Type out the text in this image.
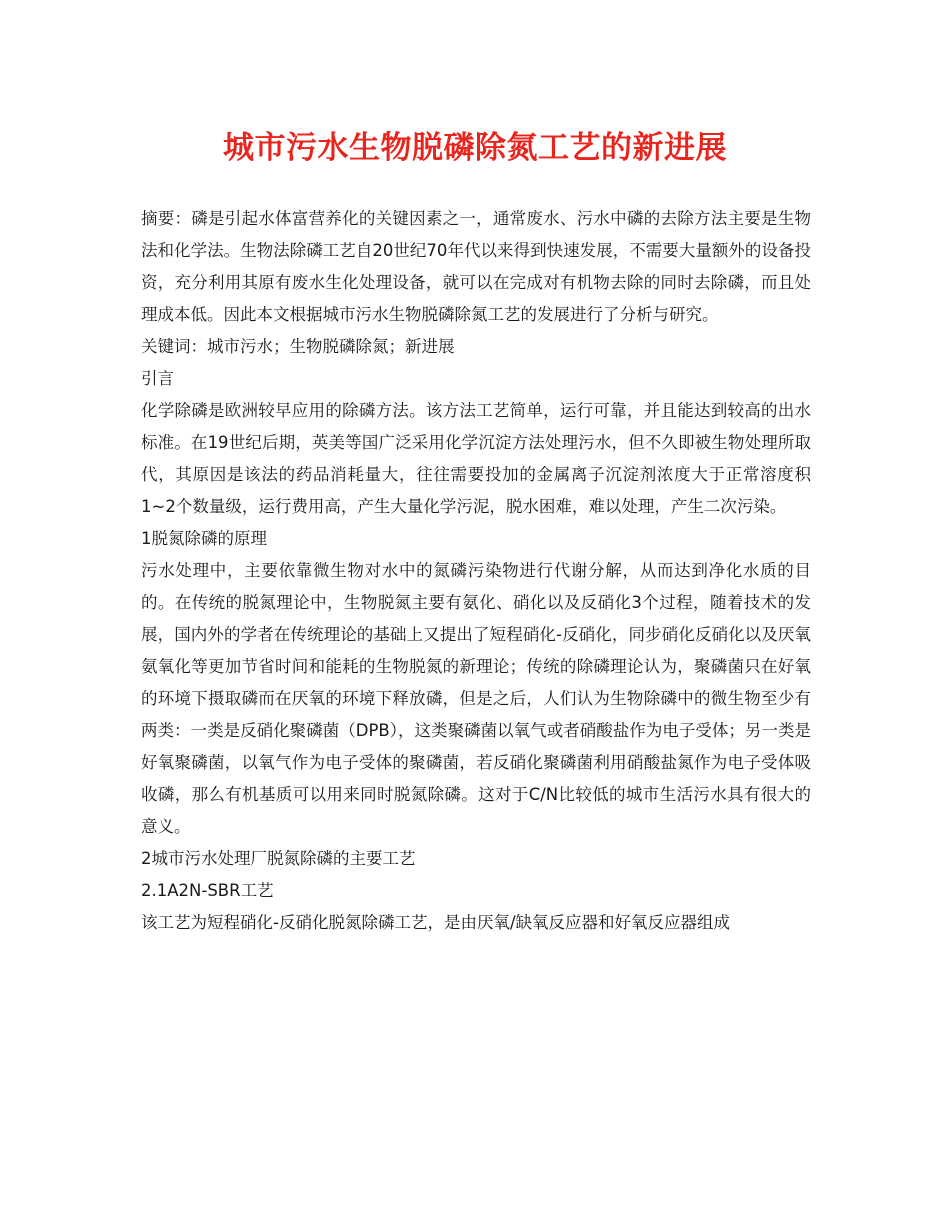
城市污水生物脱磷除氮工艺的新进展

摘要：磷是引起水体富营养化的关键因素之一，通常废水、污水中磷的去除方法主要是生物法和化学法。生物法除磷工艺自20世纪70年代以来得到快速发展，不需要大量额外的设备投资，充分利用其原有废水生化处理设备，就可以在完成对有机物去除的同时去除磷，而且处理成本低。因此本文根据城市污水生物脱磷除氮工艺的发展进行了分析与研究。

关键词：城市污水；生物脱磷除氮；新进展

引言

化学除磷是欧洲较早应用的除磷方法。该方法工艺简单，运行可靠，并且能达到较高的出水标准。在19世纪后期，英美等国广泛采用化学沉淀方法处理污水，但不久即被生物处理所取代，其原因是该法的药品消耗量大，往往需要投加的金属离子沉淀剂浓度大于正常溶度积1~2个数量级，运行费用高，产生大量化学污泥，脱水困难，难以处理，产生二次污染。

1脱氮除磷的原理

污水处理中，主要依靠微生物对水中的氮磷污染物进行代谢分解，从而达到净化水质的目的。在传统的脱氮理论中，生物脱氮主要有氨化、硝化以及反硝化3个过程，随着技术的发展，国内外的学者在传统理论的基础上又提出了短程硝化-反硝化，同步硝化反硝化以及厌氧氨氧化等更加节省时间和能耗的生物脱氮的新理论；传统的除磷理论认为，聚磷菌只在好氧的环境下摄取磷而在厌氧的环境下释放磷，但是之后，人们认为生物除磷中的微生物至少有两类：一类是反硝化聚磷菌（DPB），这类聚磷菌以氧气或者硝酸盐作为电子受体；另一类是好氧聚磷菌，以氧气作为电子受体的聚磷菌，若反硝化聚磷菌利用硝酸盐氮作为电子受体吸收磷，那么有机基质可以用来同时脱氮除磷。这对于C/N比较低的城市生活污水具有很大的意义。

2城市污水处理厂脱氮除磷的主要工艺

2.1A2N-SBR工艺

该工艺为短程硝化-反硝化脱氮除磷工艺，是由厌氧/缺氧反应器和好氧反应器组成
